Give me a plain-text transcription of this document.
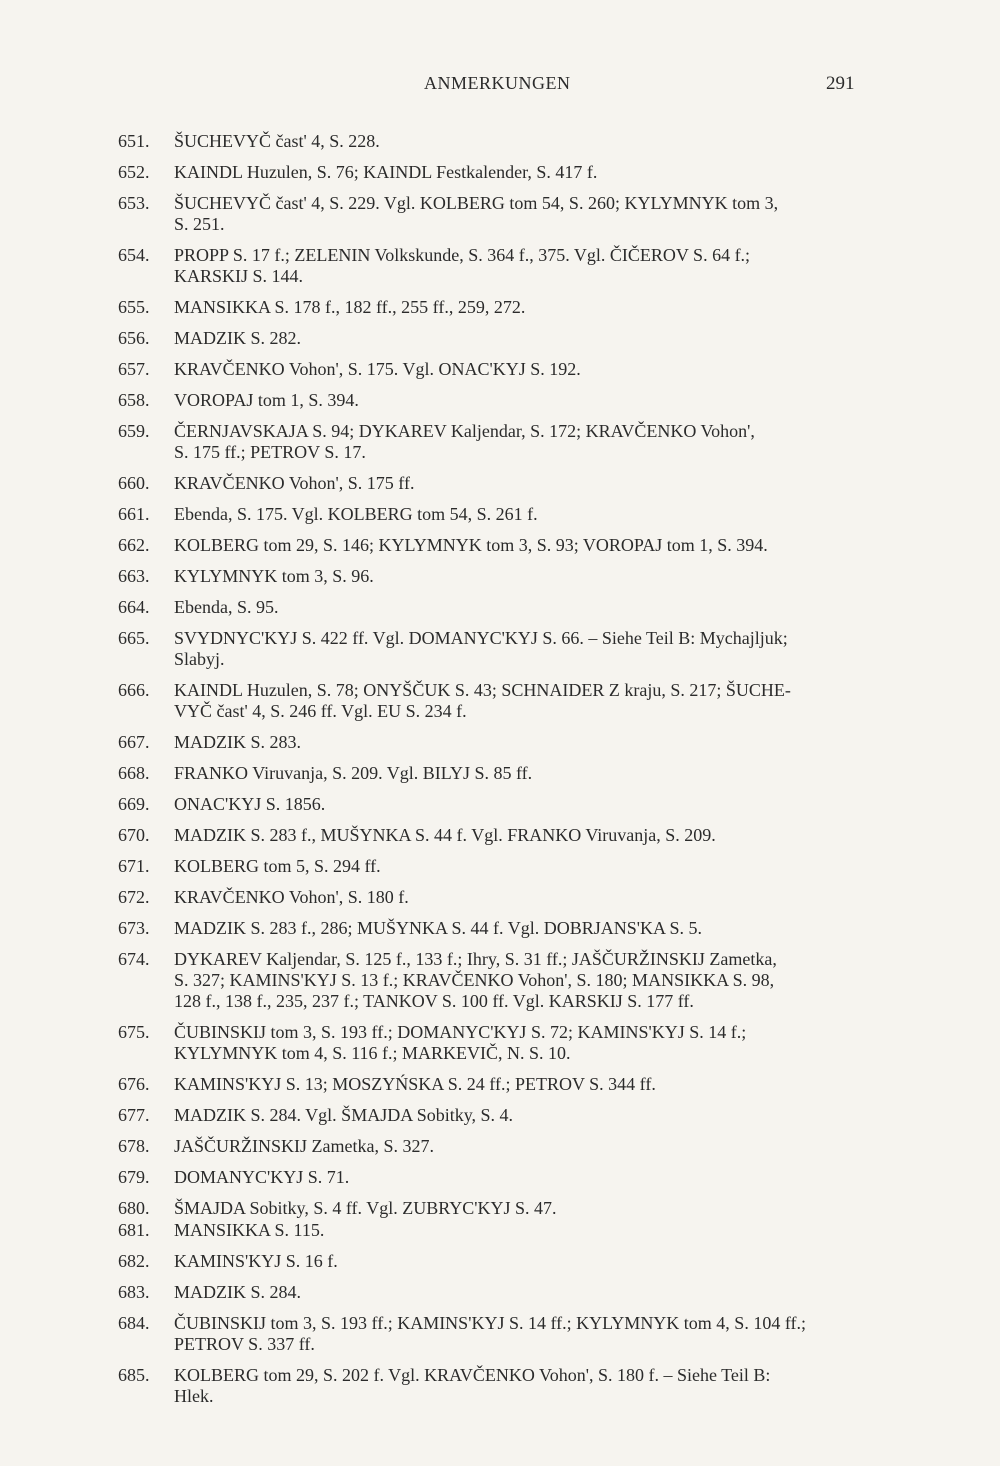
ANMERKUNGEN	291
651.	ŠUCHEVYČ čast' 4, S. 228.
652.	KAINDL Huzulen, S. 76; KAINDL Festkalender, S. 417 f.
653.	ŠUCHEVYČ čast' 4, S. 229. Vgl. KOLBERG tom 54, S. 260; KYLYMNYK tom 3,
S. 251.
654.	PROPP S. 17 f.; ZELENIN Volkskunde, S. 364 f., 375. Vgl. ČIČEROV S. 64 f.;
KARSKIJ S. 144.
655.	MANSIKKA S. 178 f., 182 ff., 255 ff., 259, 272.
656.	MADZIK S. 282.
657.	KRAVČENKO Vohon', S. 175. Vgl. ONAC'KYJ S. 192.
658.	VOROPAJ tom 1, S. 394.
659.	ČERNJAVSKAJA S. 94; DYKAREV Kaljendar, S. 172; KRAVČENKO Vohon',
S. 175 ff.; PETROV S. 17.
660.	KRAVČENKO Vohon', S. 175 ff.
661.	Ebenda, S. 175. Vgl. KOLBERG tom 54, S. 261 f.
662.	KOLBERG tom 29, S. 146; KYLYMNYK tom 3, S. 93; VOROPAJ tom 1, S. 394.
663.	KYLYMNYK tom 3, S. 96.
664.	Ebenda, S. 95.
665.	SVYDNYC'KYJ S. 422 ff. Vgl. DOMANYC'KYJ S. 66. – Siehe Teil B: Mychajljuk;
Slabyj.
666.	KAINDL Huzulen, S. 78; ONYŠČUK S. 43; SCHNAIDER Z kraju, S. 217; ŠUCHE-
VYČ čast' 4, S. 246 ff. Vgl. EU S. 234 f.
667.	MADZIK S. 283.
668.	FRANKO Viruvanja, S. 209. Vgl. BILYJ S. 85 ff.
669.	ONAC'KYJ S. 1856.
670.	MADZIK S. 283 f., MUŠYNKA S. 44 f. Vgl. FRANKO Viruvanja, S. 209.
671.	KOLBERG tom 5, S. 294 ff.
672.	KRAVČENKO Vohon', S. 180 f.
673.	MADZIK S. 283 f., 286; MUŠYNKA S. 44 f. Vgl. DOBRJANS'KA S. 5.
674.	DYKAREV Kaljendar, S. 125 f., 133 f.; Ihry, S. 31 ff.; JAŠČURŽINSKIJ Zametka,
S. 327; KAMINS'KYJ S. 13 f.; KRAVČENKO Vohon', S. 180; MANSIKKA S. 98,
128 f., 138 f., 235, 237 f.; TANKOV S. 100 ff. Vgl. KARSKIJ S. 177 ff.
675.	ČUBINSKIJ tom 3, S. 193 ff.; DOMANYC'KYJ S. 72; KAMINS'KYJ S. 14 f.;
KYLYMNYK tom 4, S. 116 f.; MARKEVIČ, N. S. 10.
676.	KAMINS'KYJ S. 13; MOSZYŃSKA S. 24 ff.; PETROV S. 344 ff.
677.	MADZIK S. 284. Vgl. ŠMAJDA Sobitky, S. 4.
678.	JAŠČURŽINSKIJ Zametka, S. 327.
679.	DOMANYC'KYJ S. 71.
680.	ŠMAJDA Sobitky, S. 4 ff. Vgl. ZUBRYC'KYJ S. 47.
681.	MANSIKKA S. 115.
682.	KAMINS'KYJ S. 16 f.
683.	MADZIK S. 284.
684.	ČUBINSKIJ tom 3, S. 193 ff.; KAMINS'KYJ S. 14 ff.; KYLYMNYK tom 4, S. 104 ff.;
PETROV S. 337 ff.
685.	KOLBERG tom 29, S. 202 f. Vgl. KRAVČENKO Vohon', S. 180 f. – Siehe Teil B:
Hlek.
